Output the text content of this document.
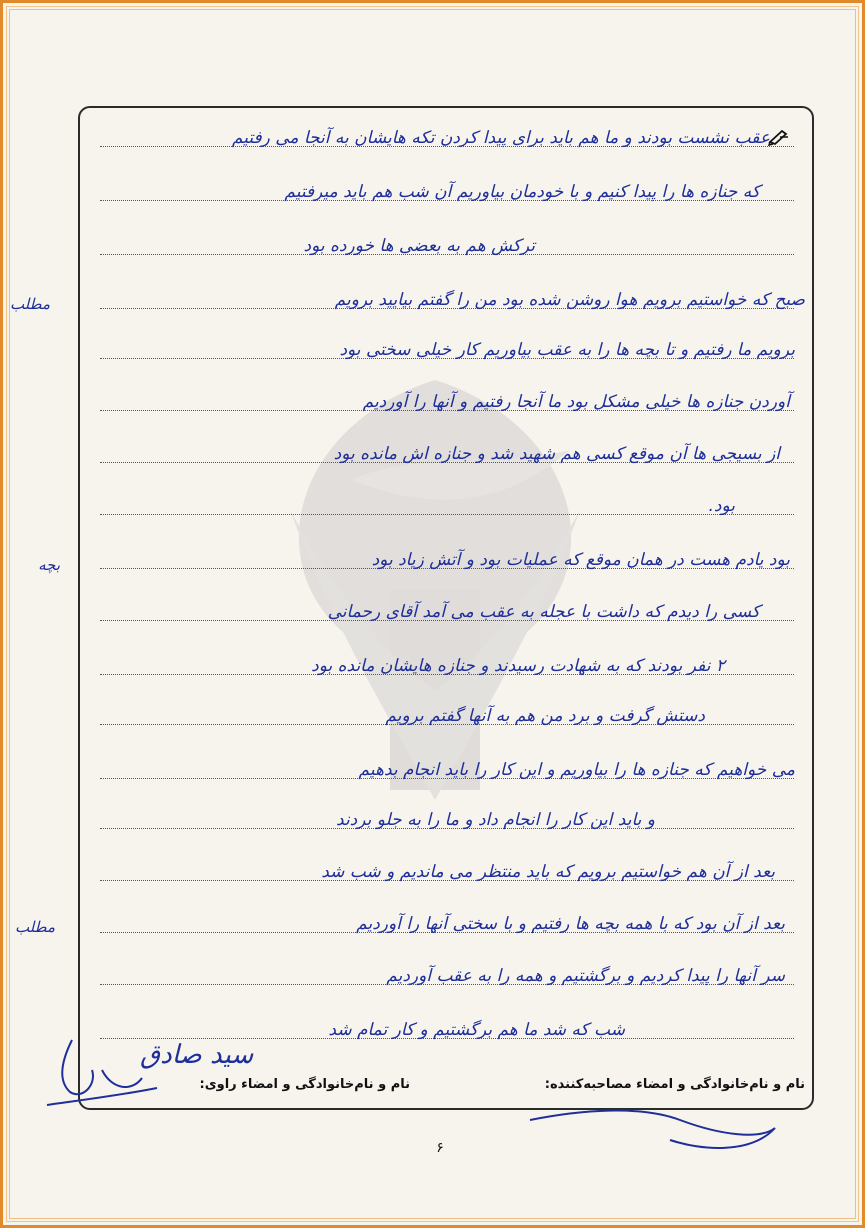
عقب نشست بودند و ما هم باید برای پیدا کردن تکه هایشان به آنجا می رفتیم
که جنازه ها را پیدا کنیم و با خودمان بیاوریم آن شب هم باید میرفتیم
ترکش هم به بعضی ها خورده بود
صبح که خواستیم برویم هوا روشن شده بود من را گفتم بیایید برویم
برویم ما رفتیم و تا بچه ها را به عقب بیاوریم کار خیلی سختی بود
آوردن جنازه ها خیلی مشکل بود ما آنجا رفتیم و آنها را آوردیم
از بسیجی ها آن موقع کسی هم شهید شد و جنازه اش مانده بود
بود.
بود یادم هست در همان موقع که عملیات بود و آتش زیاد بود
کسی را دیدم که داشت با عجله به عقب می آمد آقای رحمانی
۲ نفر بودند که به شهادت رسیدند و جنازه هایشان مانده بود
دستش گرفت و برد من هم به آنها گفتم برویم
می خواهیم که جنازه ها را بیاوریم و این کار را باید انجام بدهیم
و باید این کار را انجام داد و ما را به جلو بردند
بعد از آن هم خواستیم برویم که باید منتظر می ماندیم و شب شد
بعد از آن بود که با همه بچه ها رفتیم و با سختی آنها را آوردیم
سر آنها را پیدا کردیم و برگشتیم و همه را به عقب آوردیم
شب که شد ما هم برگشتیم و کار تمام شد
مطلب
بچه
مطلب
سید صادق
نام و نام‌خانوادگی و امضاء مصاحبه‌کننده:
نام و نام‌خانوادگی و امضاء راوی:
۶
